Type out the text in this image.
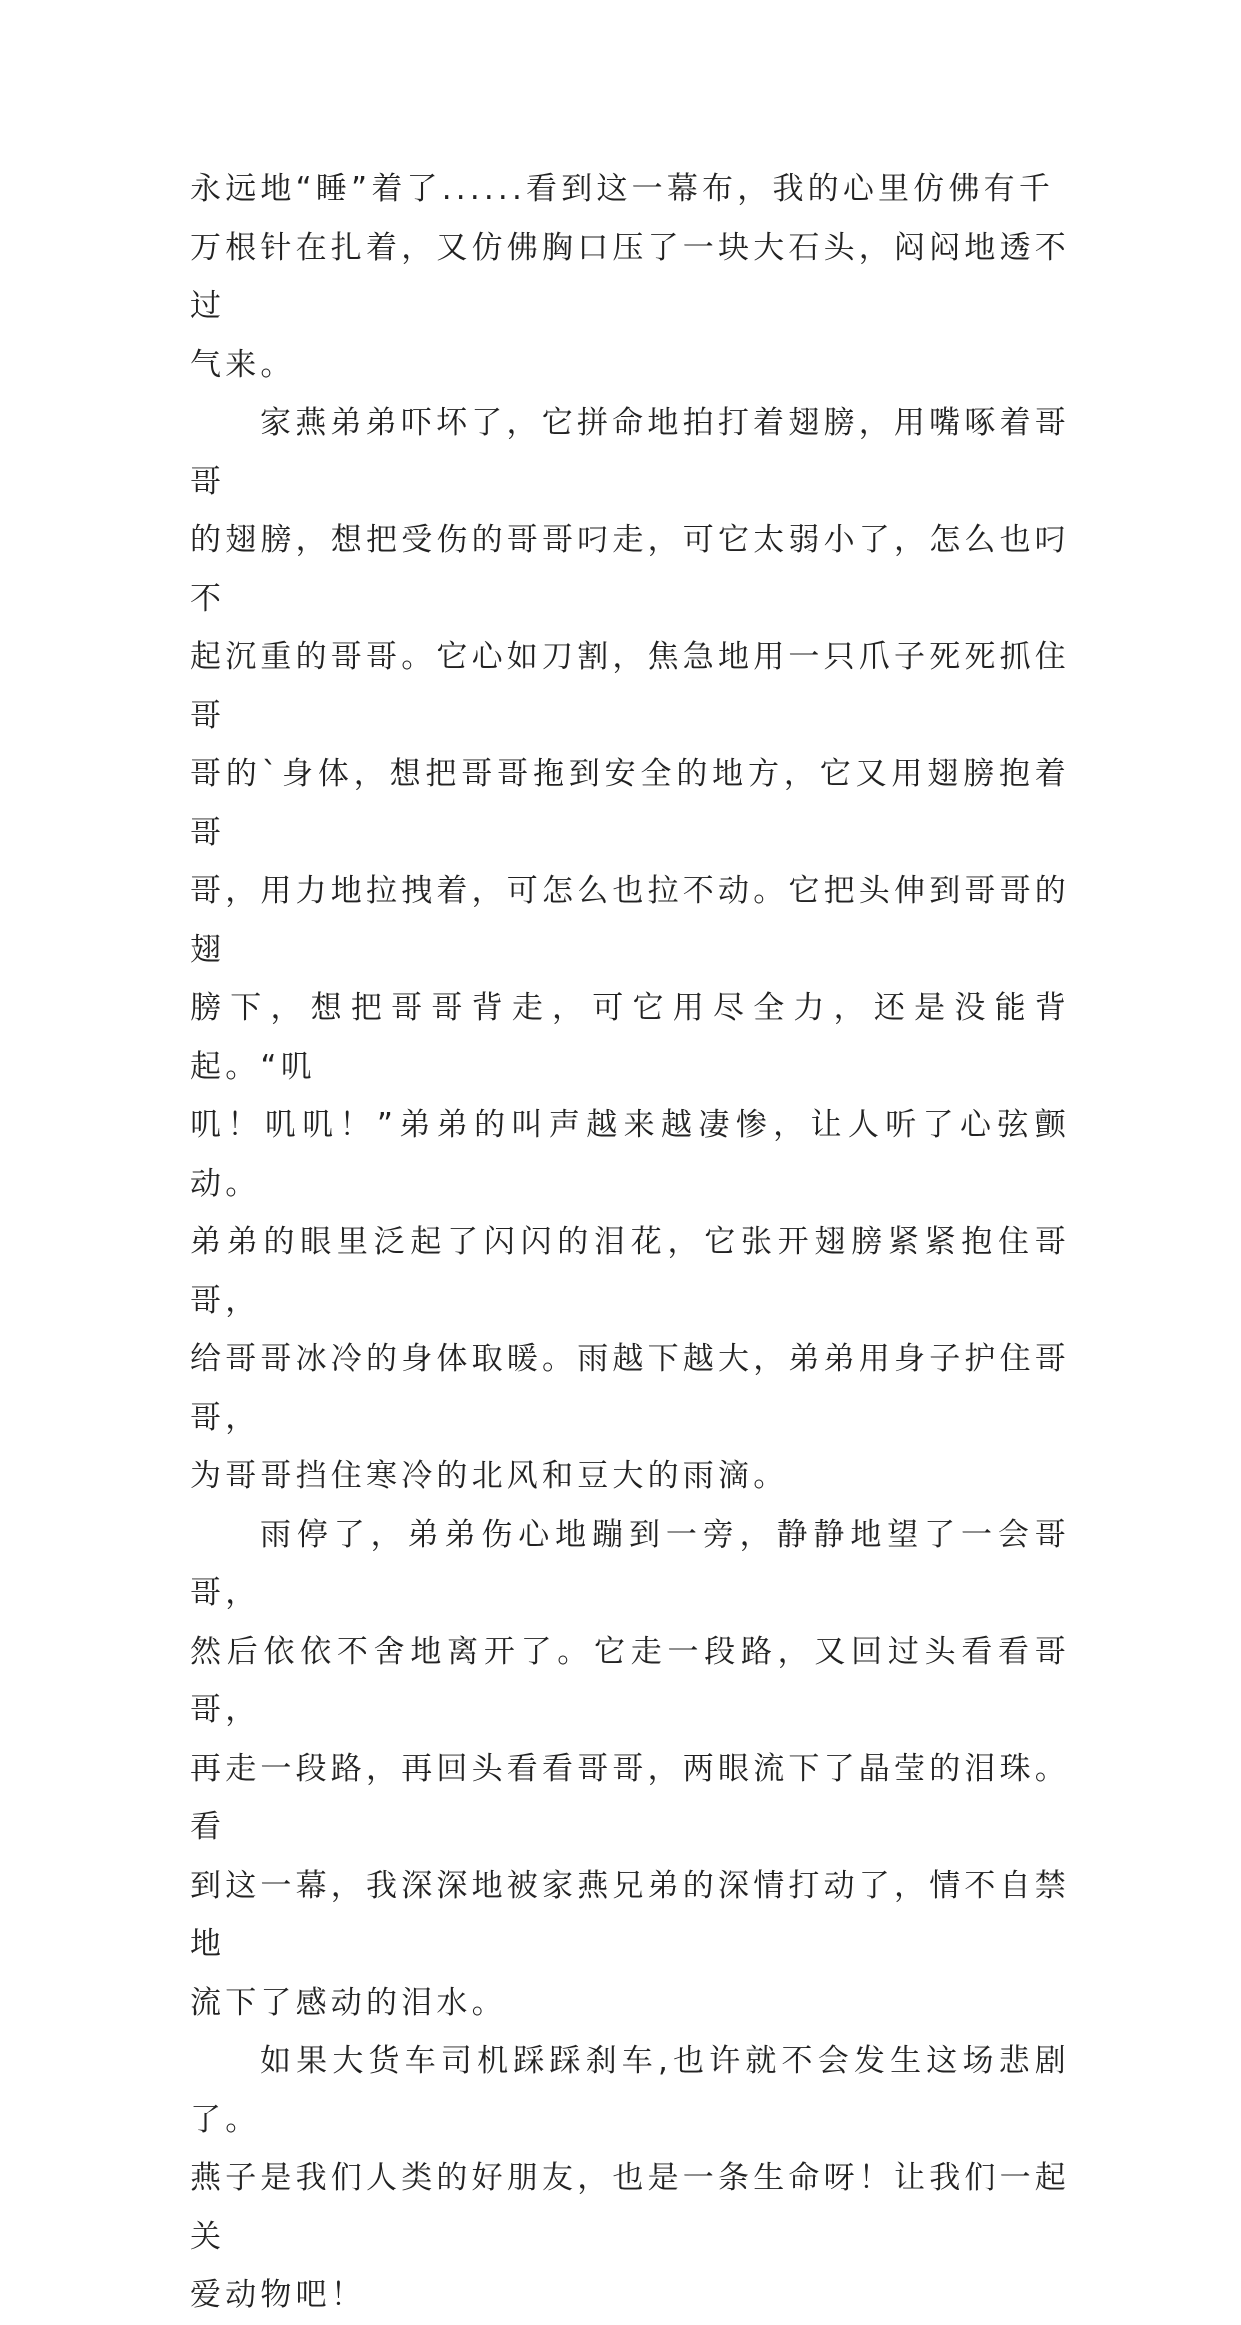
永远地“睡”着了......看到这一幕布，我的心里仿佛有千
万根针在扎着，又仿佛胸口压了一块大石头，闷闷地透不过
气来。

家燕弟弟吓坏了，它拼命地拍打着翅膀，用嘴啄着哥哥
的翅膀，想把受伤的哥哥叼走，可它太弱小了，怎么也叼不
起沉重的哥哥。它心如刀割，焦急地用一只爪子死死抓住哥
哥的`身体，想把哥哥拖到安全的地方，它又用翅膀抱着哥
哥，用力地拉拽着，可怎么也拉不动。它把头伸到哥哥的翅
膀下，想把哥哥背走，可它用尽全力，还是没能背起。“叽
叽！叽叽！”弟弟的叫声越来越凄惨，让人听了心弦颤动。
弟弟的眼里泛起了闪闪的泪花，它张开翅膀紧紧抱住哥哥，
给哥哥冰冷的身体取暖。雨越下越大，弟弟用身子护住哥哥，
为哥哥挡住寒冷的北风和豆大的雨滴。

雨停了，弟弟伤心地蹦到一旁，静静地望了一会哥哥，
然后依依不舍地离开了。它走一段路，又回过头看看哥哥，
再走一段路，再回头看看哥哥，两眼流下了晶莹的泪珠。看
到这一幕，我深深地被家燕兄弟的深情打动了，情不自禁地
流下了感动的泪水。

如果大货车司机踩踩刹车,也许就不会发生这场悲剧了。
燕子是我们人类的好朋友，也是一条生命呀！让我们一起关
爱动物吧！
